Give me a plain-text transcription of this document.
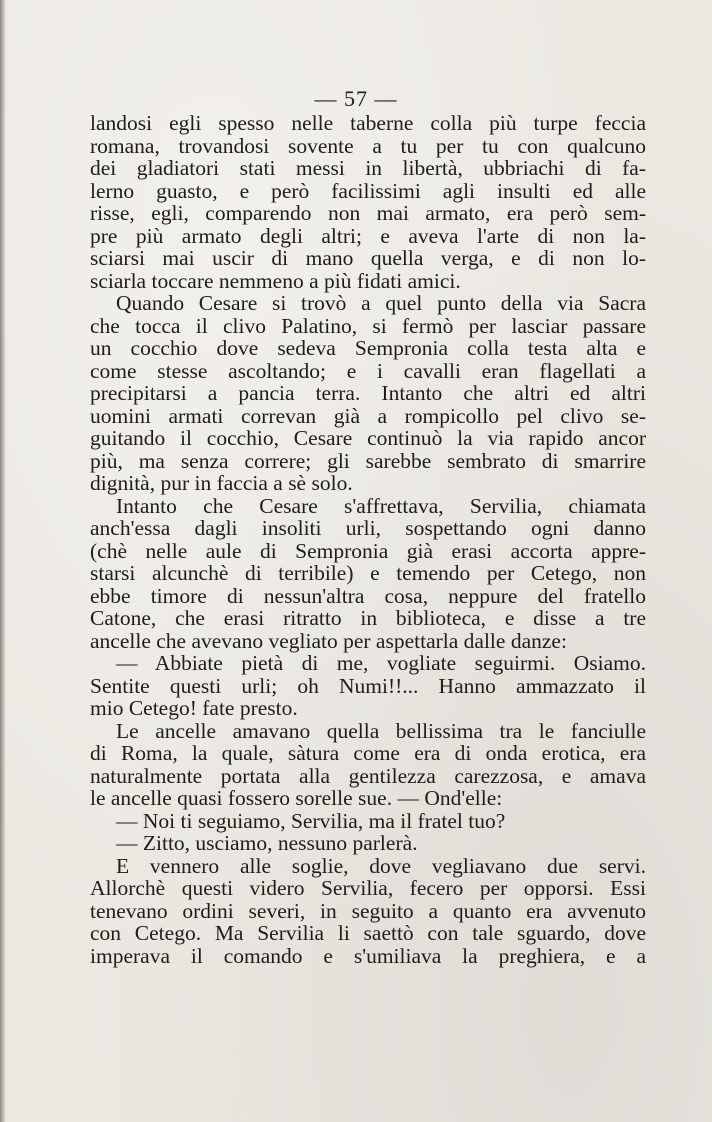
— 57 —
landosi egli spesso nelle taberne colla più turpe feccia
romana, trovandosi sovente a tu per tu con qualcuno
dei gladiatori stati messi in libertà, ubbriachi di fa-
lerno guasto, e però facilissimi agli insulti ed alle
risse, egli, comparendo non mai armato, era però sem-
pre più armato degli altri; e aveva l'arte di non la-
sciarsi mai uscir di mano quella verga, e di non lo-
sciarla toccare nemmeno a più fidati amici.
Quando Cesare si trovò a quel punto della via Sacra
che tocca il clivo Palatino, si fermò per lasciar passare
un cocchio dove sedeva Sempronia colla testa alta e
come stesse ascoltando; e i cavalli eran flagellati a
precipitarsi a pancia terra. Intanto che altri ed altri
uomini armati correvan già a rompicollo pel clivo se-
guitando il cocchio, Cesare continuò la via rapido ancor
più, ma senza correre; gli sarebbe sembrato di smarrire
dignità, pur in faccia a sè solo.
Intanto che Cesare s'affrettava, Servilia, chiamata
anch'essa dagli insoliti urli, sospettando ogni danno
(chè nelle aule di Sempronia già erasi accorta appre-
starsi alcunchè di terribile) e temendo per Cetego, non
ebbe timore di nessun'altra cosa, neppure del fratello
Catone, che erasi ritratto in biblioteca, e disse a tre
ancelle che avevano vegliato per aspettarla dalle danze:
— Abbiate pietà di me, vogliate seguirmi. Osiamo.
Sentite questi urli; oh Numi!!... Hanno ammazzato il
mio Cetego! fate presto.
Le ancelle amavano quella bellissima tra le fanciulle
di Roma, la quale, sàtura come era di onda erotica, era
naturalmente portata alla gentilezza carezzosa, e amava
le ancelle quasi fossero sorelle sue. — Ond'elle:
— Noi ti seguiamo, Servilia, ma il fratel tuo?
— Zitto, usciamo, nessuno parlerà.
E vennero alle soglie, dove vegliavano due servi.
Allorchè questi videro Servilia, fecero per opporsi. Essi
tenevano ordini severi, in seguito a quanto era avvenuto
con Cetego. Ma Servilia li saettò con tale sguardo, dove
imperava il comando e s'umiliava la preghiera, e a
